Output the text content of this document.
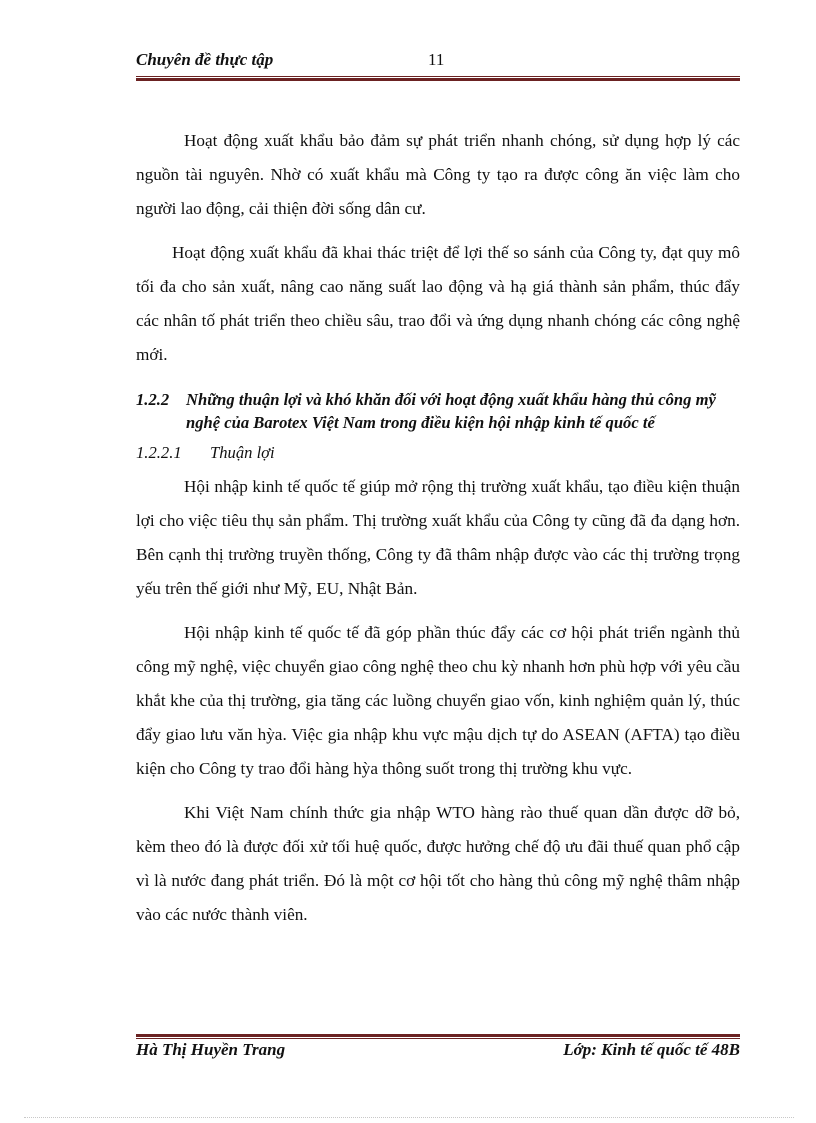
Chuyên đề thực tập	11

Hoạt động xuất khẩu bảo đảm sự phát triển nhanh chóng, sử dụng hợp lý các nguồn tài nguyên. Nhờ có xuất khẩu mà Công ty tạo ra được công ăn việc làm cho người lao động, cải thiện đời sống dân cư.

Hoạt động xuất khẩu đã khai thác triệt để lợi thế so sánh của Công ty, đạt quy mô tối đa cho sản xuất, nâng cao năng suất lao động và hạ giá thành sản phẩm, thúc đẩy các nhân tố phát triển theo chiều sâu, trao đổi và ứng dụng nhanh chóng các công nghệ mới.

1.2.2	Những thuận lợi và khó khăn đối với hoạt động xuất khẩu hàng thủ công mỹ nghệ của Barotex Việt Nam trong điều kiện hội nhập kinh tế quốc tế
1.2.2.1	Thuận lợi

Hội nhập kinh tế quốc tế giúp mở rộng thị trường xuất khẩu, tạo điều kiện thuận lợi cho việc tiêu thụ sản phẩm. Thị trường xuất khẩu của Công ty cũng đã đa dạng hơn. Bên cạnh thị trường truyền thống, Công ty đã thâm nhập được vào các thị trường trọng yếu trên thế giới như Mỹ, EU, Nhật Bản.

Hội nhập kinh tế quốc tế đã góp phần thúc đẩy các cơ hội phát triển ngành thủ công mỹ nghệ, việc chuyển giao công nghệ theo chu kỳ nhanh hơn phù hợp với yêu cầu khắt khe của thị trường, gia tăng các luồng chuyển giao vốn, kinh nghiệm quản lý, thúc đẩy giao lưu văn hỳa. Việc gia nhập khu vực mậu dịch tự do ASEAN (AFTA) tạo điều kiện cho Công ty trao đổi hàng hỳa thông suốt trong thị trường khu vực.

Khi Việt Nam chính thức gia nhập WTO hàng rào thuế quan dần được dỡ bỏ, kèm theo đó là được đối xử tối huệ quốc, được hưởng chế độ ưu đãi thuế quan phổ cập vì là nước đang phát triển. Đó là một cơ hội tốt cho hàng thủ công mỹ nghệ thâm nhập vào các nước thành viên.

Hà Thị Huyền Trang	Lớp: Kinh tế quốc tế 48B
